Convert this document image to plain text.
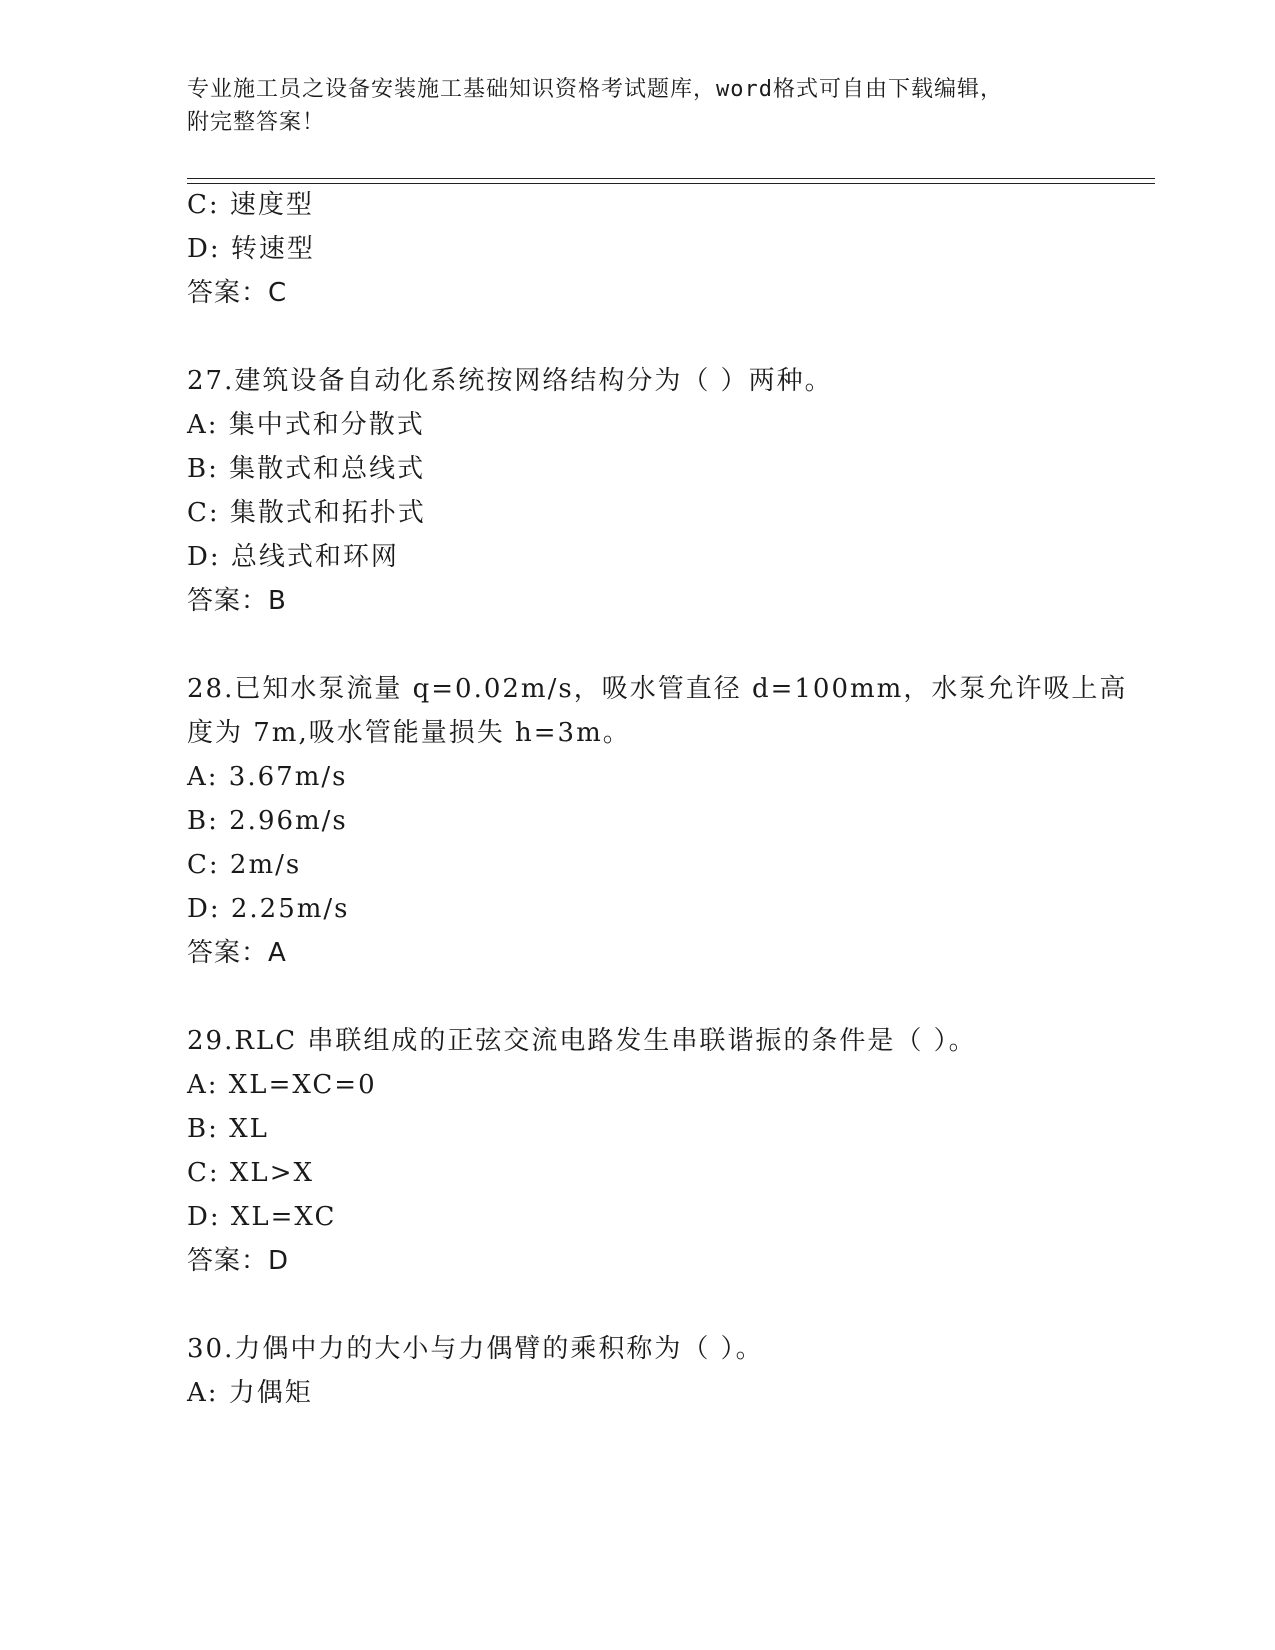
专业施工员之设备安装施工基础知识资格考试题库，word格式可自由下载编辑，
附完整答案！
C: 速度型
D: 转速型
答案：C
27.建筑设备自动化系统按网络结构分为（ ）两种。
A: 集中式和分散式
B: 集散式和总线式
C: 集散式和拓扑式
D: 总线式和环网
答案：B
28.已知水泵流量 q=0.02m/s，吸水管直径 d=100mm，水泵允许吸上高
度为 7m,吸水管能量损失 h=3m。
A: 3.67m/s
B: 2.96m/s
C: 2m/s
D: 2.25m/s
答案：A
29.RLC 串联组成的正弦交流电路发生串联谐振的条件是（ ）。
A: XL=XC=0
B: XL
C: XL>X
D: XL=XC
答案：D
30.力偶中力的大小与力偶臂的乘积称为（ ）。
A: 力偶矩
